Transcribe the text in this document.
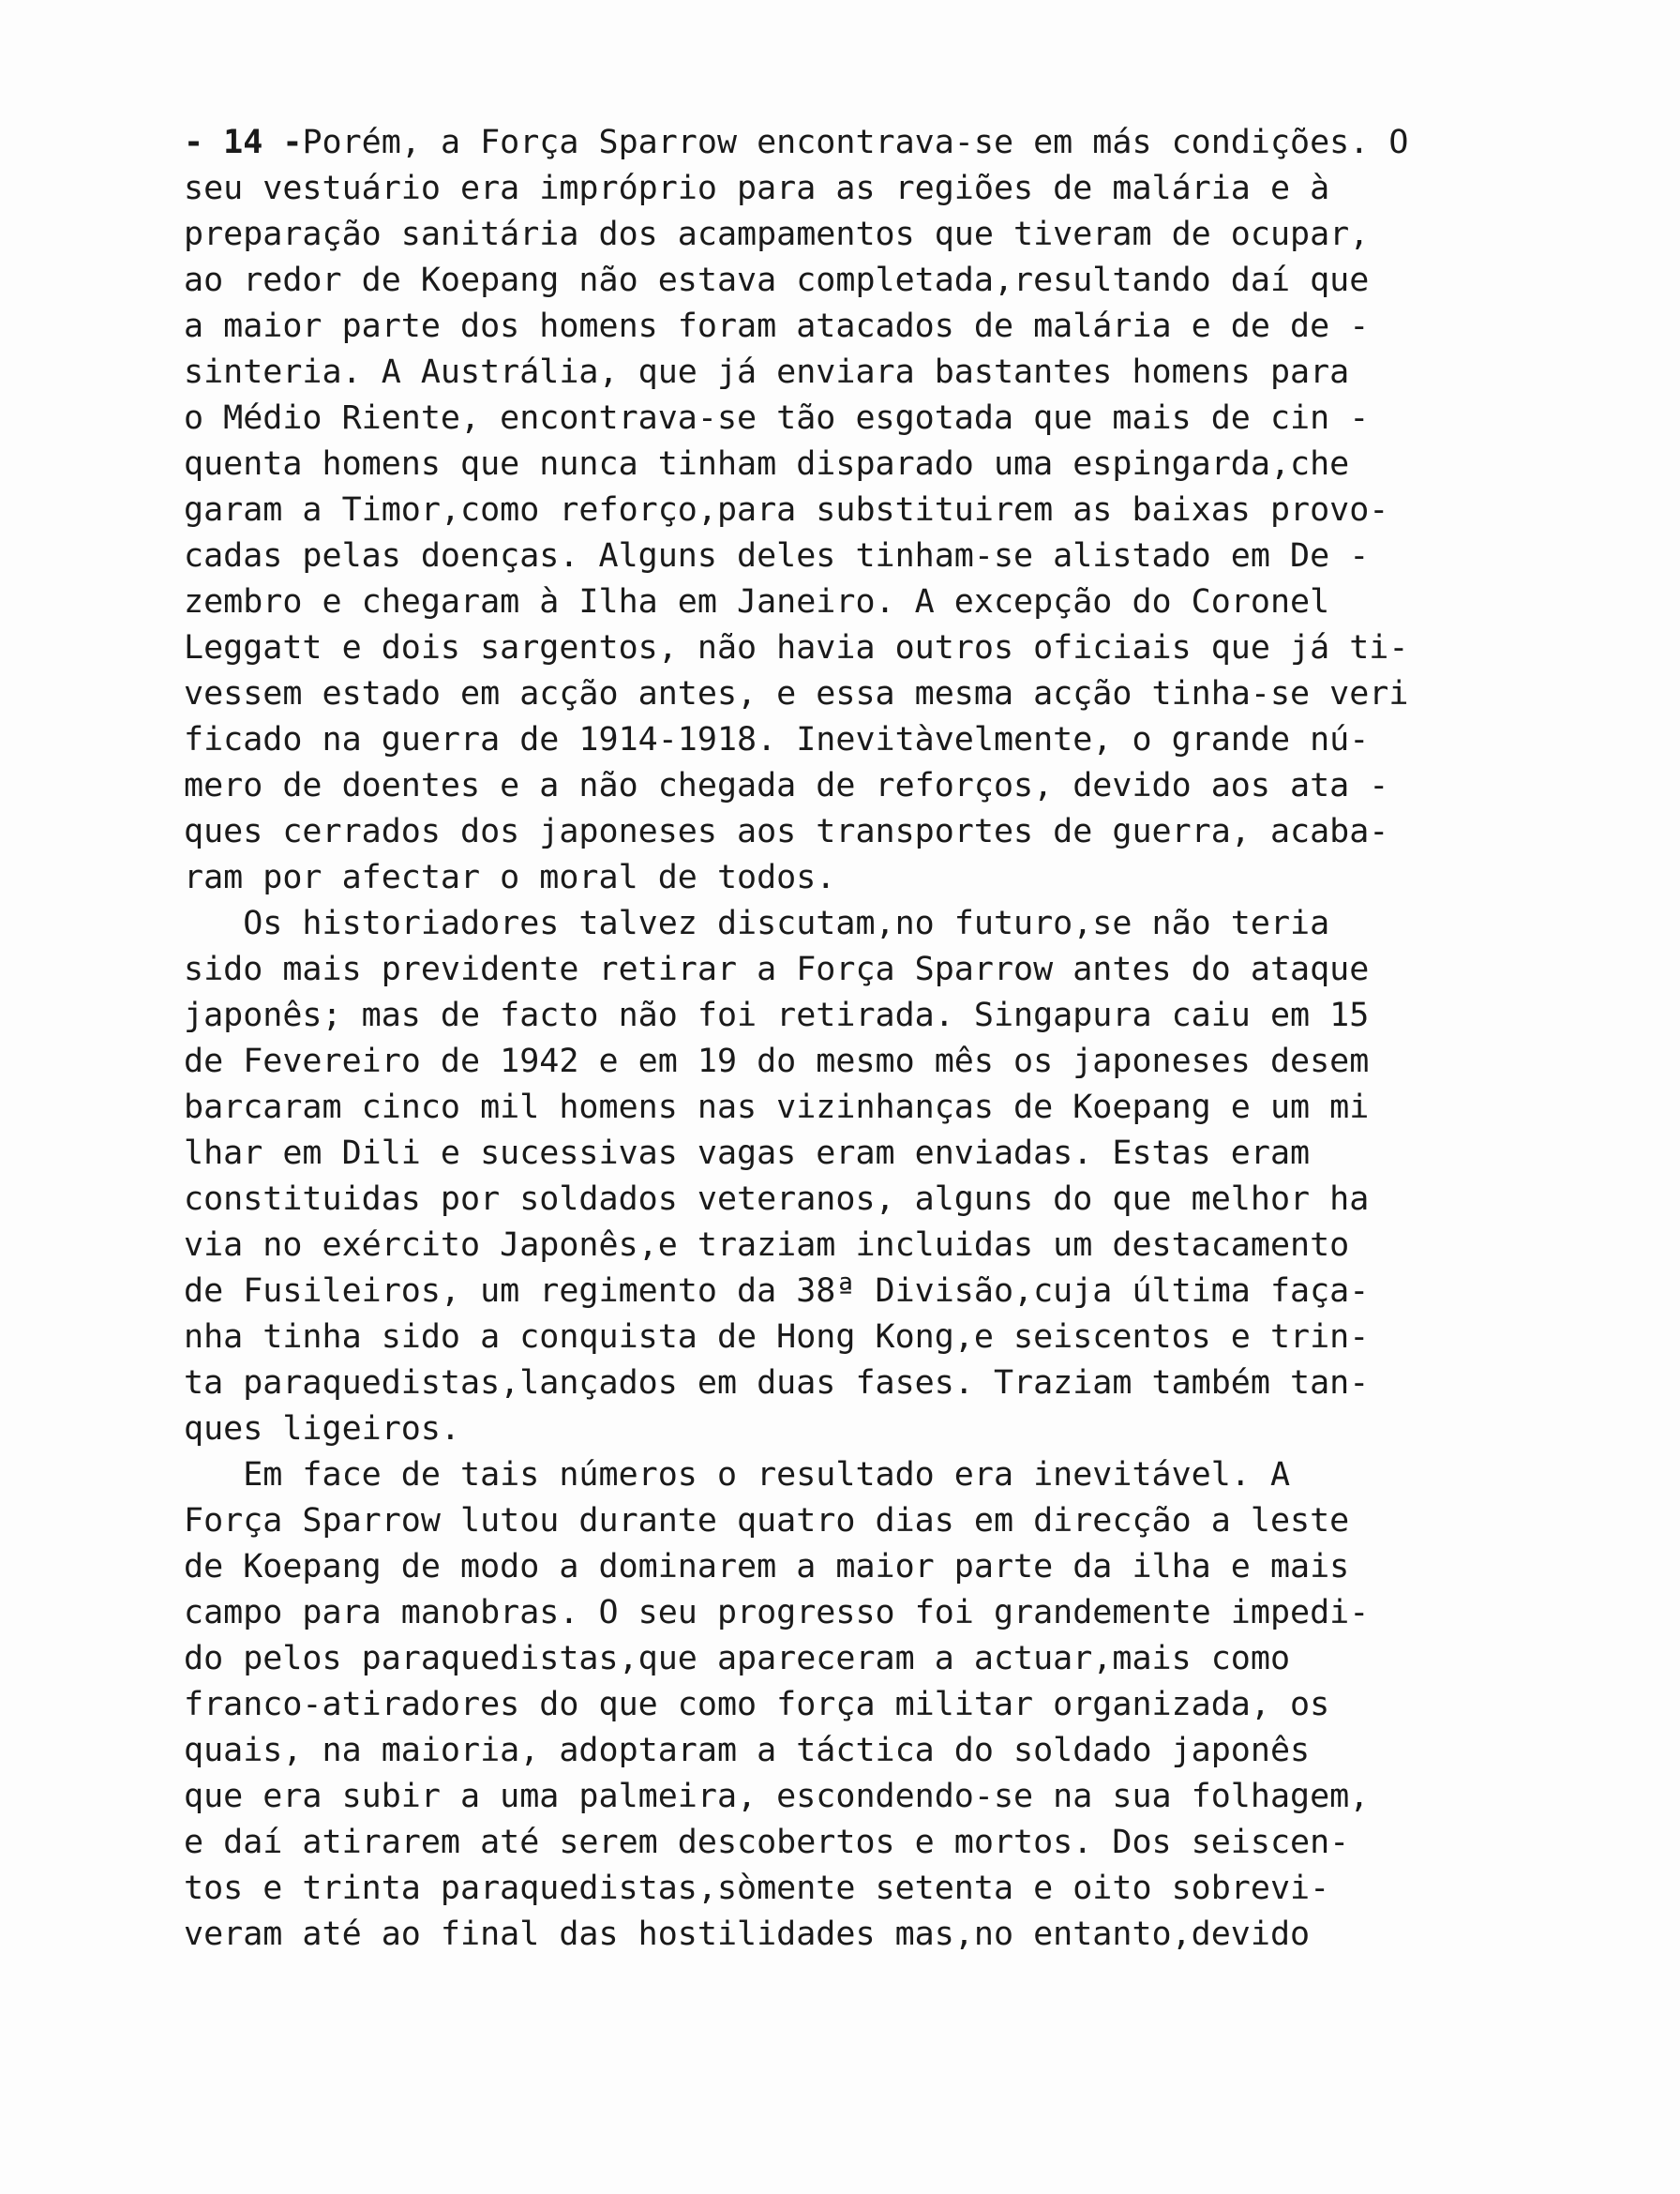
- 14 -Porém, a Força Sparrow encontrava-se em más condições. O
seu vestuário era impróprio para as regiões de malária e à
preparação sanitária dos acampamentos que tiveram de ocupar,
ao redor de Koepang não estava completada,resultando daí que
a maior parte dos homens foram atacados de malária e de de -
sinteria. A Austrália, que já enviara bastantes homens para
o Médio Riente, encontrava-se tão esgotada que mais de cin -
quenta homens que nunca tinham disparado uma espingarda,che
garam a Timor,como reforço,para substituirem as baixas provo-
cadas pelas doenças. Alguns deles tinham-se alistado em De -
zembro e chegaram à Ilha em Janeiro. A excepção do Coronel
Leggatt e dois sargentos, não havia outros oficiais que já ti-
vessem estado em acção antes, e essa mesma acção tinha-se veri
ficado na guerra de 1914-1918. Inevitàvelmente, o grande nú-
mero de doentes e a não chegada de reforços, devido aos ata -
ques cerrados dos japoneses aos transportes de guerra, acaba-
ram por afectar o moral de todos.
Os historiadores talvez discutam,no futuro,se não teria
sido mais previdente retirar a Força Sparrow antes do ataque
japonês; mas de facto não foi retirada. Singapura caiu em 15
de Fevereiro de 1942 e em 19 do mesmo mês os japoneses desem
barcaram cinco mil homens nas vizinhanças de Koepang e um mi
lhar em Dili e sucessivas vagas eram enviadas. Estas eram
constituidas por soldados veteranos, alguns do que melhor ha
via no exército Japonês,e traziam incluidas um destacamento
de Fusileiros, um regimento da 38ª Divisão,cuja última faça-
nha tinha sido a conquista de Hong Kong,e seiscentos e trin-
ta paraquedistas,lançados em duas fases. Traziam também tan-
ques ligeiros.
Em face de tais números o resultado era inevitável. A
Força Sparrow lutou durante quatro dias em direcção a leste
de Koepang de modo a dominarem a maior parte da ilha e mais
campo para manobras. O seu progresso foi grandemente impedi-
do pelos paraquedistas,que apareceram a actuar,mais como
franco-atiradores do que como força militar organizada, os
quais, na maioria, adoptaram a táctica do soldado japonês
que era subir a uma palmeira, escondendo-se na sua folhagem,
e daí atirarem até serem descobertos e mortos. Dos seiscen-
tos e trinta paraquedistas,sòmente setenta e oito sobrevi-
veram até ao final das hostilidades mas,no entanto,devido
